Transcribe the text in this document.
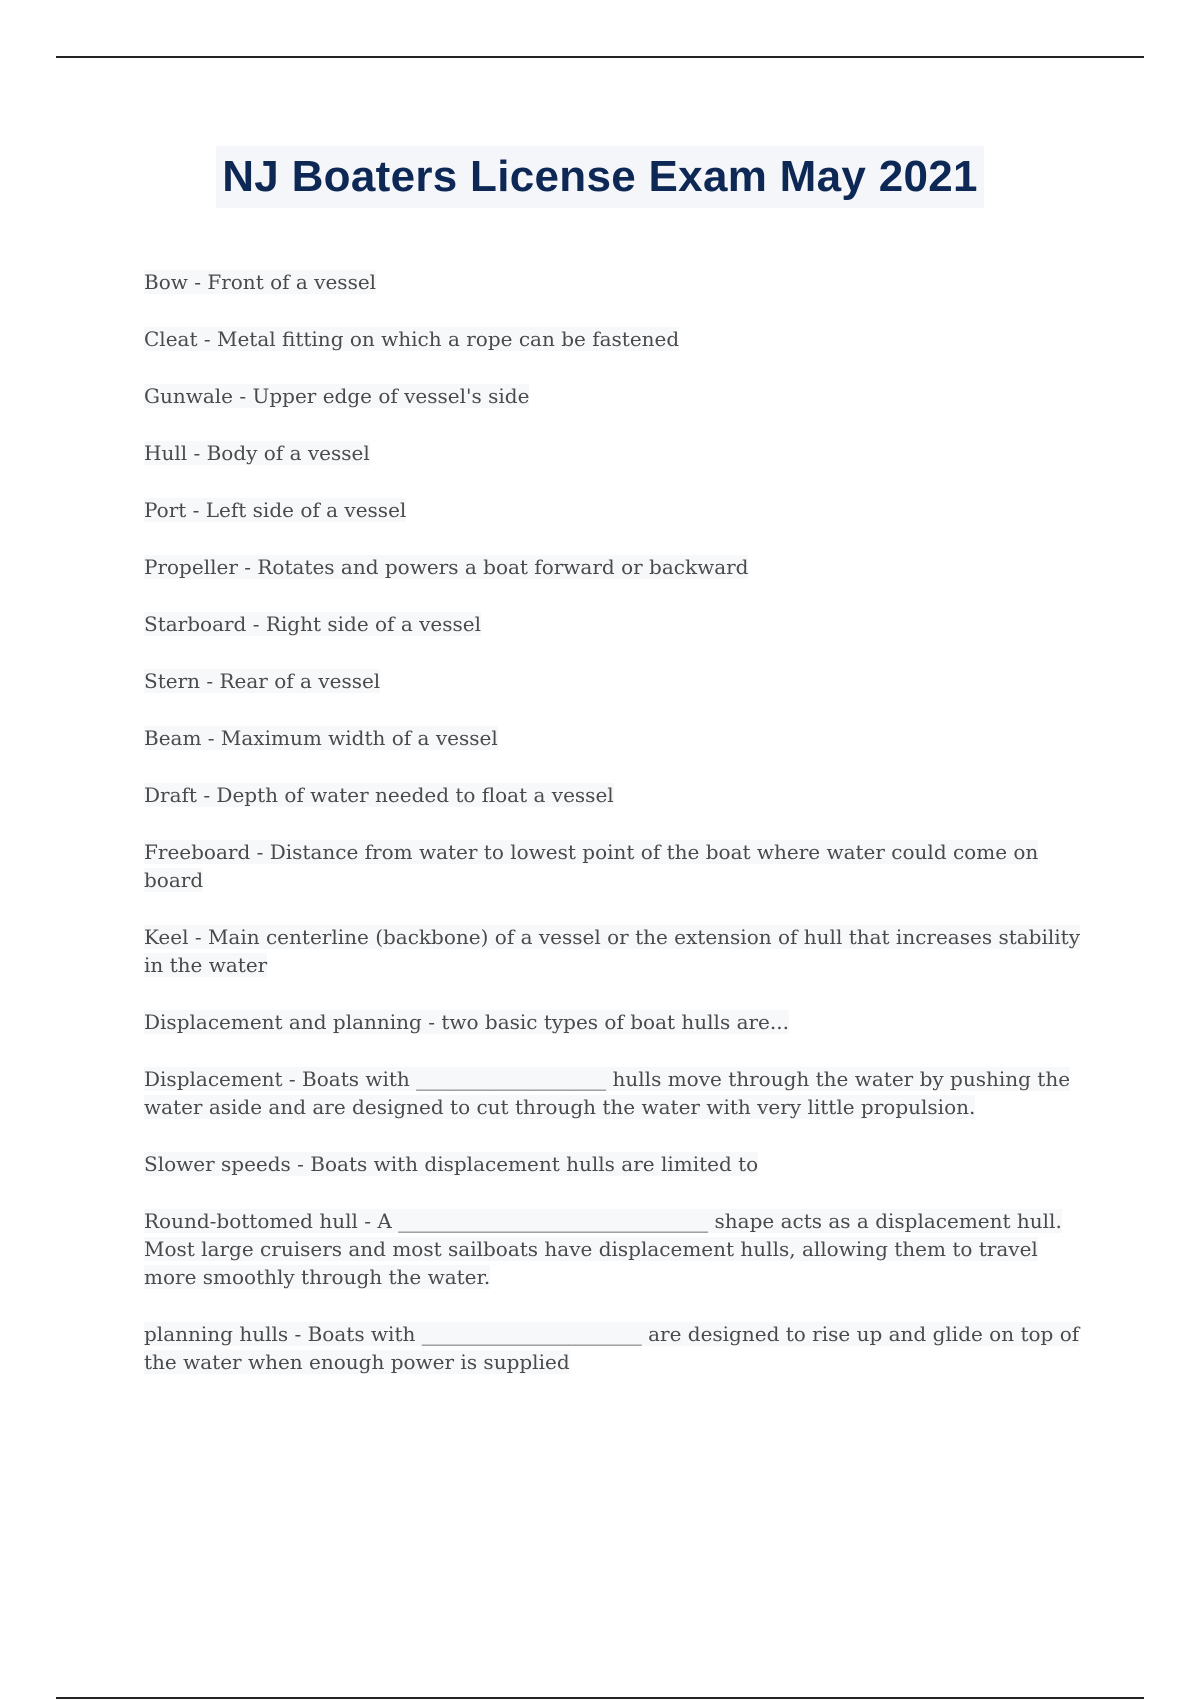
NJ Boaters License Exam May 2021
Bow - Front of a vessel
Cleat - Metal fitting on which a rope can be fastened
Gunwale - Upper edge of vessel's side
Hull - Body of a vessel
Port - Left side of a vessel
Propeller - Rotates and powers a boat forward or backward
Starboard - Right side of a vessel
Stern - Rear of a vessel
Beam - Maximum width of a vessel
Draft - Depth of water needed to float a vessel
Freeboard - Distance from water to lowest point of the boat where water could come on board
Keel - Main centerline (backbone) of a vessel or the extension of hull that increases stability in the water
Displacement and planning - two basic types of boat hulls are...
Displacement - Boats with ___________________ hulls move through the water by pushing the water aside and are designed to cut through the water with very little propulsion.
Slower speeds - Boats with displacement hulls are limited to
Round-bottomed hull - A _______________________________ shape acts as a displacement hull. Most large cruisers and most sailboats have displacement hulls, allowing them to travel more smoothly through the water.
planning hulls - Boats with ______________________ are designed to rise up and glide on top of the water when enough power is supplied
